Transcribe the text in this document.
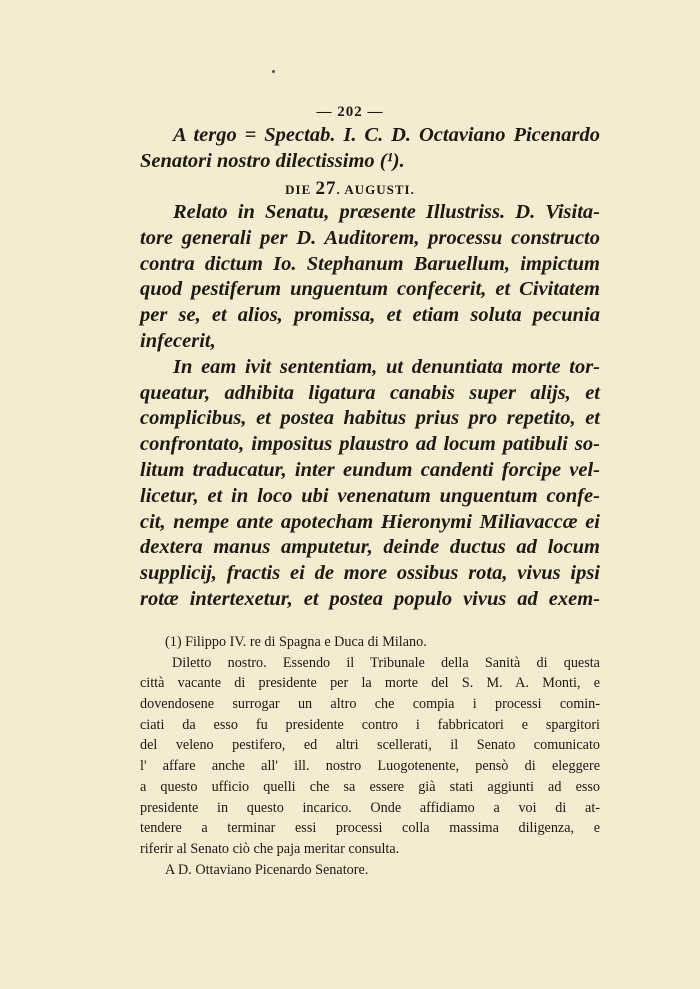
— 202 —
A tergo = Spectab. I. C. D. Octaviano Picenardo
Senatori nostro dilectissimo (¹).
DIE 27. AUGUSTI.
Relato in Senatu, præsente Illustriss. D. Visita-
tore generali per D. Auditorem, processu constructo
contra dictum Io. Stephanum Baruellum, impictum
quod pestiferum unguentum confecerit, et Civitatem
per se, et alios, promissa, et etiam soluta pecunia
infecerit,
In eam ivit sententiam, ut denuntiata morte tor-
queatur, adhibita ligatura canabis super alijs, et
complicibus, et postea habitus prius pro repetito, et
confrontato, impositus plaustro ad locum patibuli so-
litum traducatur, inter eundum candenti forcipe vel-
licetur, et in loco ubi venenatum unguentum confe-
cit, nempe ante apotecham Hieronymi Miliavaccæ ei
dextera manus amputetur, deinde ductus ad locum
supplicij, fractis ei de more ossibus rota, vivus ipsi
rotæ intertexetur, et postea populo vivus ad exem-
(1) Filippo IV. re di Spagna e Duca di Milano.
Diletto nostro. Essendo il Tribunale della Sanità di questa
città vacante di presidente per la morte del S. M. A. Monti, e
dovendosene surrogar un altro che compia i processi comin-
ciati da esso fu presidente contro i fabbricatori e spargitori
del veleno pestifero, ed altri scellerati, il Senato comunicato
l' affare anche all' ill. nostro Luogotenente, pensò di eleggere
a questo ufficio quelli che sa essere già stati aggiunti ad esso
presidente in questo incarico. Onde affidiamo a voi di at-
tendere a terminar essi processi colla massima diligenza, e
riferir al Senato ciò che paja meritar consulta.
A D. Ottaviano Picenardo Senatore.
